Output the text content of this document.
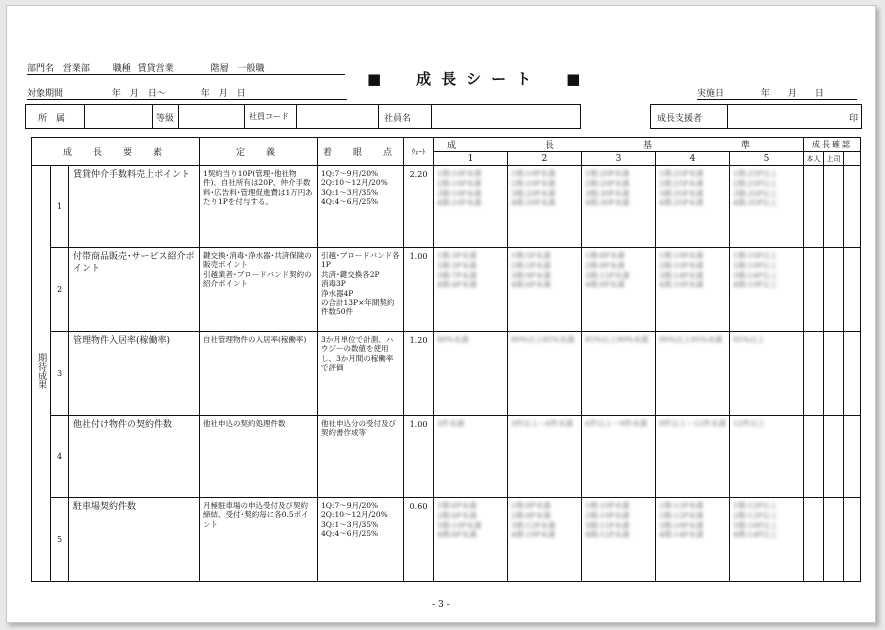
部門名 営業部	職種 賃貸営業	階層 一般職
■　成長シート　■
対象期間	年　月　日～	年　月　日	実施日	年　　月　　日
所　属	等級	社員コード	社員名	成長支援者	印
成　長　要　素			定　義	着　眼　点	ｳｪｰﾄ	成　長　基　準					成長確認		
						1	2	3	4	5	本人	上司	
期待成果	1	賃貸仲介手数料売上ポイント	1契約当り10P(管理･他社物件)、自社所有は20P、仲介手数料･広告料･管理促進費は1万円あたり1Pを付与する。	1Q:7～9月/20%
2Q:10～12月/20%
3Q:1～3月/35%
4Q:4～6月/25%	2.20	1期:10P未満
2期:10P未満
3期:10P未満
4期:10P未満	1期:10P未満
2期:10P未満
3期:20P未満
4期:20P未満	1期:20P未満
2期:20P未満
3期:30P未満
4期:30P未満	1期:25P未満
2期:25P未満
3期:35P未満
4期:35P未満	1期:25P以上
2期:25P以上
3期:35P以上
4期:35P以上			
	2	付帯商品販売･サービス紹介ポイント	鍵交換･消毒･浄水器･共済保険の販売ポイント
引越業者･ブロードバンド契約の紹介ポイント	引越･ブロードバンド各1P
共済･鍵交換各2P
消毒3P
浄水器4P
の合計13P×年間契約件数50件	1.00	1期:3P未満
2期:3P未満
3期:7P未満
4期:4P未満	1期:5P未満
2期:5P未満
3期:9P未満
4期:6P未満	1期:8P未満
2期:8P未満
3期:12P未満
4期:8P未満	1期:10P未満
2期:10P未満
3期:14P未満
4期:10P未満	1期:10P以上
2期:10P以上
3期:14P以上
4期:10P以上			
	3	管理物件入居率(稼働率)	自社管理物件の入居率(稼働率)	3か月単位で計測、ハウジーの数値を使用し、3か月間の稼働率で評価	1.20	80%未満	80%以上85%未満	85%以上90%未満	90%以上95%未満	95%以上			
	4	他社付け物件の契約件数	他社申込の契約処理件数	他社申込分の受付及び契約書作成等	1.00	3件未満	3件以上～6件未満	6件以上～9件未満	9件以上～12件未満	12件以上			
	5	駐車場契約件数	月極駐車場の申込受付及び契約締結、受付･契約毎に各0.5ポイント	1Q:7～9月/20%
2Q:10～12月/20%
3Q:1～3月/35%
4Q:4～6月/25%	0.60	1期:6P未満
2期:6P未満
3期:10P未満
4期:8P未満	1期:8P未満
2期:8P未満
3期:12P未満
4期:10P未満	1期:10P未満
2期:10P未満
3期:15P未満
4期:12P未満	1期:12P未満
2期:12P未満
3期:18P未満
4期:14P未満	1期:12P以上
2期:12P以上
3期:18P以上
4期:14P以上			
- 3 -
